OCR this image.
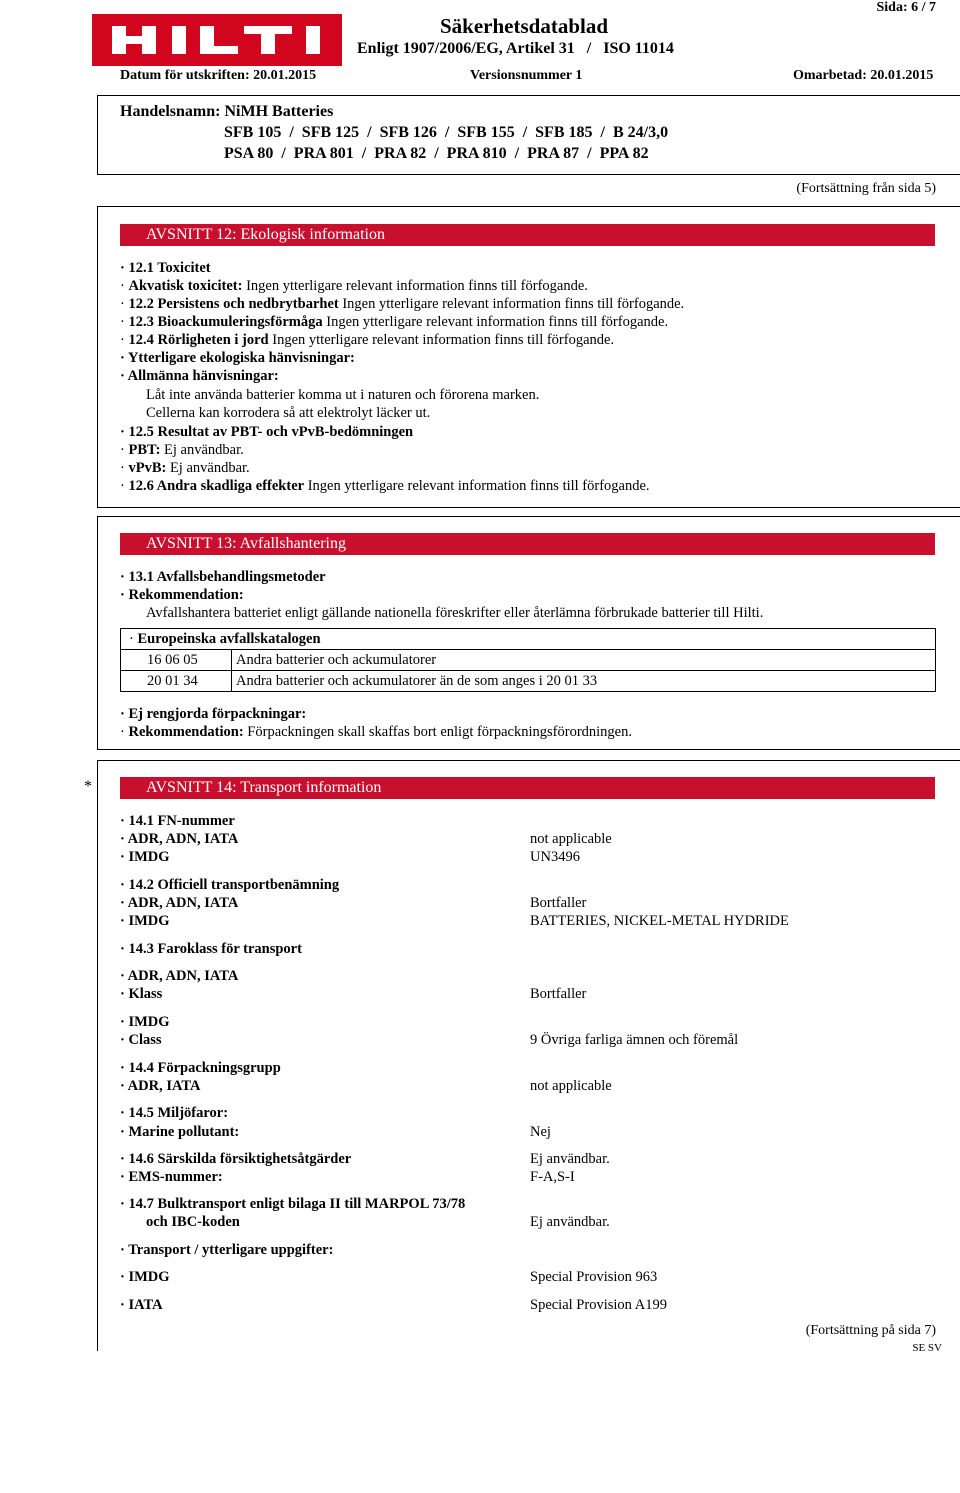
Sida: 6 / 7
Säkerhetsdatablad
Enligt 1907/2006/EG, Artikel 31   /   ISO 11014
Datum för utskriften: 20.01.2015	Versionsnummer 1	Omarbetad: 20.01.2015
Handelsnamn: NiMH Batteries
SFB 105  /  SFB 125  /  SFB 126  /  SFB 155  /  SFB 185  /  B 24/3,0
PSA 80  /  PRA 801  /  PRA 82  /  PRA 810  /  PRA 87  /  PPA 82
(Fortsättning från sida 5)
AVSNITT 12: Ekologisk information
· 12.1 Toxicitet
· Akvatisk toxicitet: Ingen ytterligare relevant information finns till förfogande.
· 12.2 Persistens och nedbrytbarhet Ingen ytterligare relevant information finns till förfogande.
· 12.3 Bioackumuleringsförmåga Ingen ytterligare relevant information finns till förfogande.
· 12.4 Rörligheten i jord Ingen ytterligare relevant information finns till förfogande.
· Ytterligare ekologiska hänvisningar:
· Allmänna hänvisningar:
Låt inte använda batterier komma ut i naturen och förorena marken.
Cellerna kan korrodera så att elektrolyt läcker ut.
· 12.5 Resultat av PBT- och vPvB-bedömningen
· PBT: Ej användbar.
· vPvB: Ej användbar.
· 12.6 Andra skadliga effekter Ingen ytterligare relevant information finns till förfogande.
AVSNITT 13: Avfallshantering
· 13.1 Avfallsbehandlingsmetoder
· Rekommendation:
Avfallshantera batteriet enligt gällande nationella föreskrifter eller återlämna förbrukade batterier till Hilti.
· Europeinska avfallskatalogen	
16 06 05	Andra batterier och ackumulatorer
20 01 34	Andra batterier och ackumulatorer än de som anges i 20 01 33
· Ej rengjorda förpackningar:
· Rekommendation: Förpackningen skall skaffas bort enligt förpackningsförordningen.
*	AVSNITT 14: Transport information
· 14.1 FN-nummer
· ADR, ADN, IATA	not applicable
· IMDG	UN3496
· 14.2 Officiell transportbenämning
· ADR, ADN, IATA	Bortfaller
· IMDG	BATTERIES, NICKEL-METAL HYDRIDE
· 14.3 Faroklass för transport
· ADR, ADN, IATA
· Klass	Bortfaller
· IMDG
· Class	9 Övriga farliga ämnen och föremål
· 14.4 Förpackningsgrupp
· ADR, IATA	not applicable
· 14.5 Miljöfaror:
· Marine pollutant:	Nej
· 14.6 Särskilda försiktighetsåtgärder	Ej användbar.
· EMS-nummer:	F-A,S-I
· 14.7 Bulktransport enligt bilaga II till MARPOL 73/78
och IBC-koden	Ej användbar.
· Transport / ytterligare uppgifter:
· IMDG	Special Provision 963
· IATA	Special Provision A199
(Fortsättning på sida 7)
SE SV
